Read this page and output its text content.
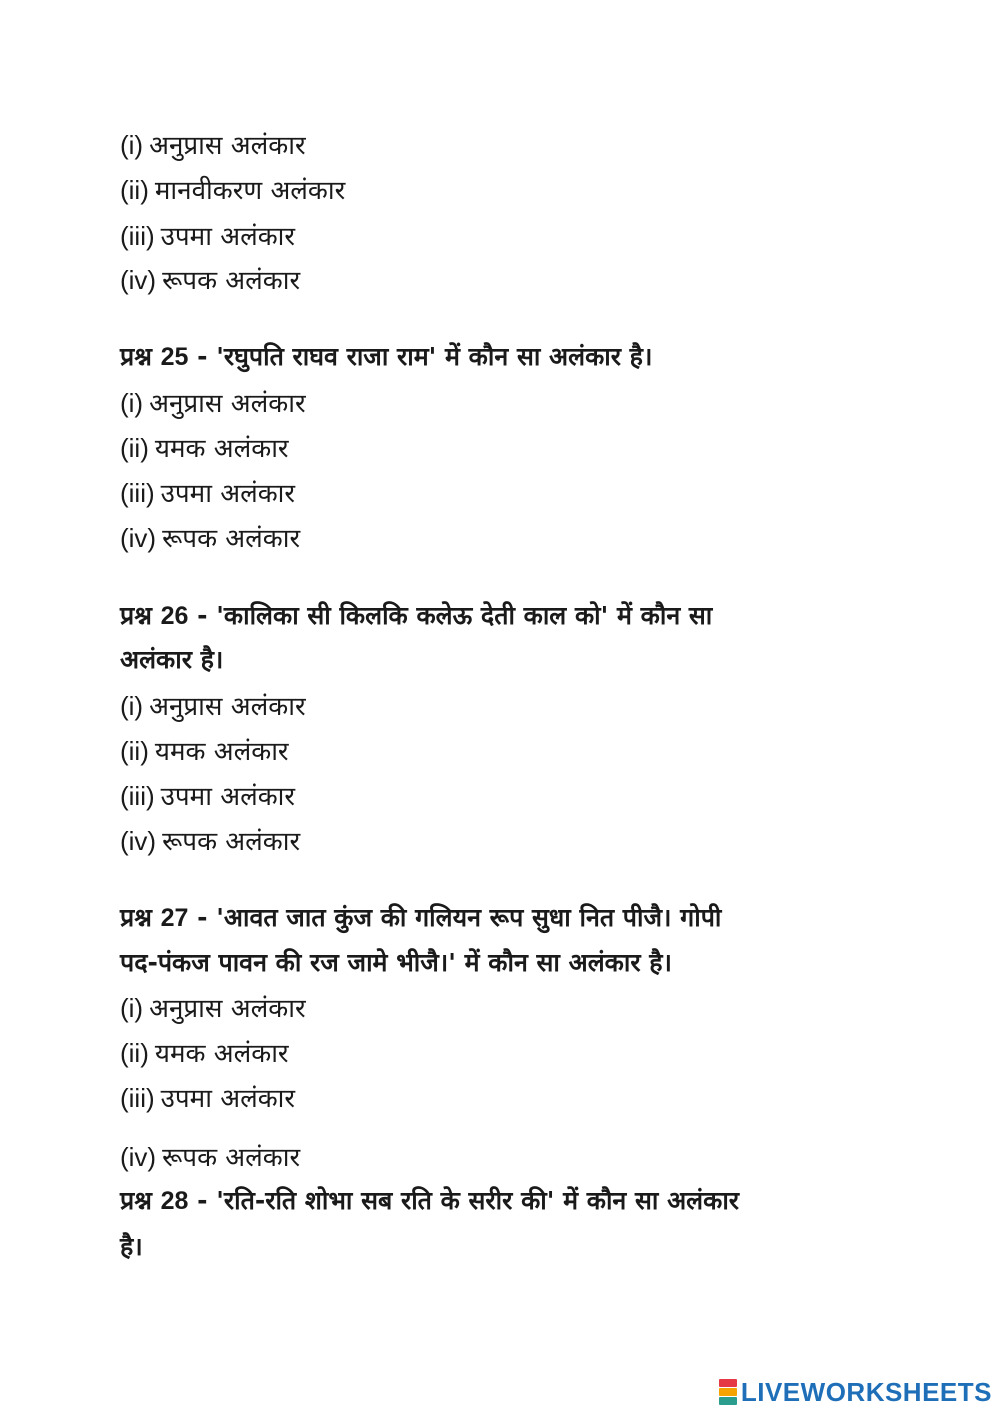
(i) अनुप्रास अलंकार
(ii) मानवीकरण अलंकार
(iii) उपमा अलंकार
(iv) रूपक अलंकार
प्रश्न 25 - 'रघुपति राघव राजा राम' में कौन सा अलंकार है।
(i) अनुप्रास अलंकार
(ii) यमक अलंकार
(iii) उपमा अलंकार
(iv) रूपक अलंकार
प्रश्न 26 - 'कालिका सी किलकि कलेऊ देती काल को' में कौन सा
अलंकार है।
(i) अनुप्रास अलंकार
(ii) यमक अलंकार
(iii) उपमा अलंकार
(iv) रूपक अलंकार
प्रश्न 27 - 'आवत जात कुंज की गलियन रूप सुधा नित पीजै। गोपी
पद-पंकज पावन की रज जामे भीजै।' में कौन सा अलंकार है।
(i) अनुप्रास अलंकार
(ii) यमक अलंकार
(iii) उपमा अलंकार
(iv) रूपक अलंकार
प्रश्न 28 - 'रति-रति शोभा सब रति के सरीर की' में कौन सा अलंकार
है।
LIVEWORKSHEETS
